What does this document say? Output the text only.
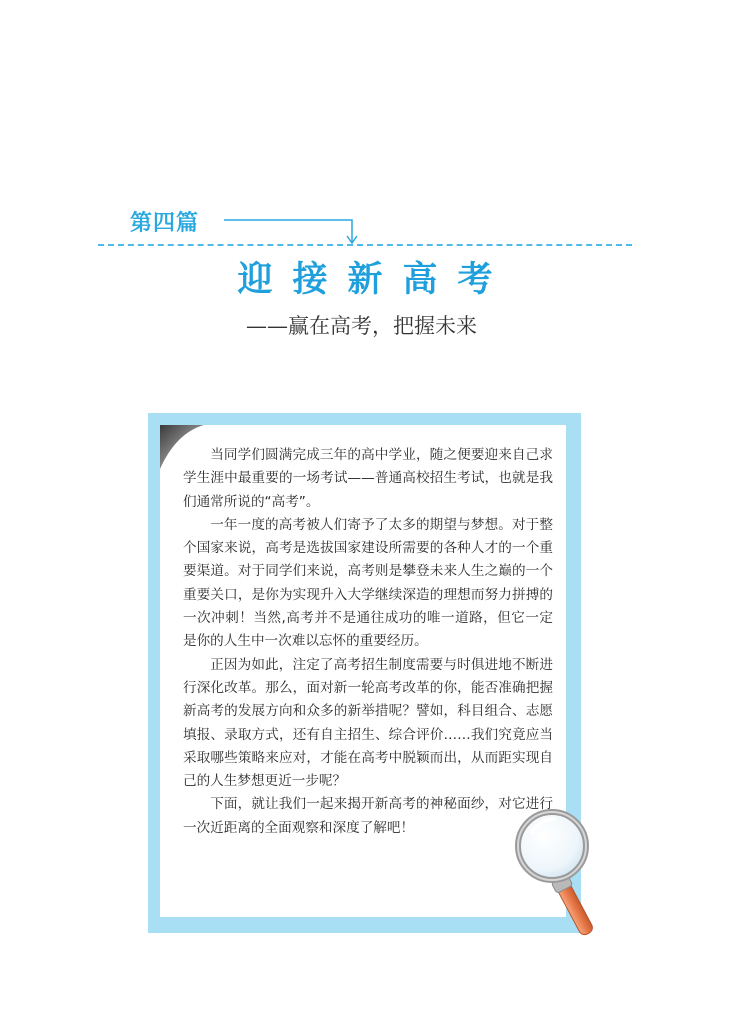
第四篇
迎接新高考
——赢在高考，把握未来

当同学们圆满完成三年的高中学业，随之便要迎来自己求学生涯中最重要的一场考试——普通高校招生考试，也就是我们通常所说的“高考”。

一年一度的高考被人们寄予了太多的期望与梦想。对于整个国家来说，高考是选拔国家建设所需要的各种人才的一个重要渠道。对于同学们来说，高考则是攀登未来人生之巅的一个重要关口，是你为实现升入大学继续深造的理想而努力拼搏的一次冲刺！当然,高考并不是通往成功的唯一道路，但它一定是你的人生中一次难以忘怀的重要经历。

正因为如此，注定了高考招生制度需要与时俱进地不断进行深化改革。那么，面对新一轮高考改革的你，能否准确把握新高考的发展方向和众多的新举措呢？譬如，科目组合、志愿填报、录取方式，还有自主招生、综合评价……我们究竟应当采取哪些策略来应对，才能在高考中脱颖而出，从而距实现自己的人生梦想更近一步呢？

下面，就让我们一起来揭开新高考的神秘面纱，对它进行一次近距离的全面观察和深度了解吧！
